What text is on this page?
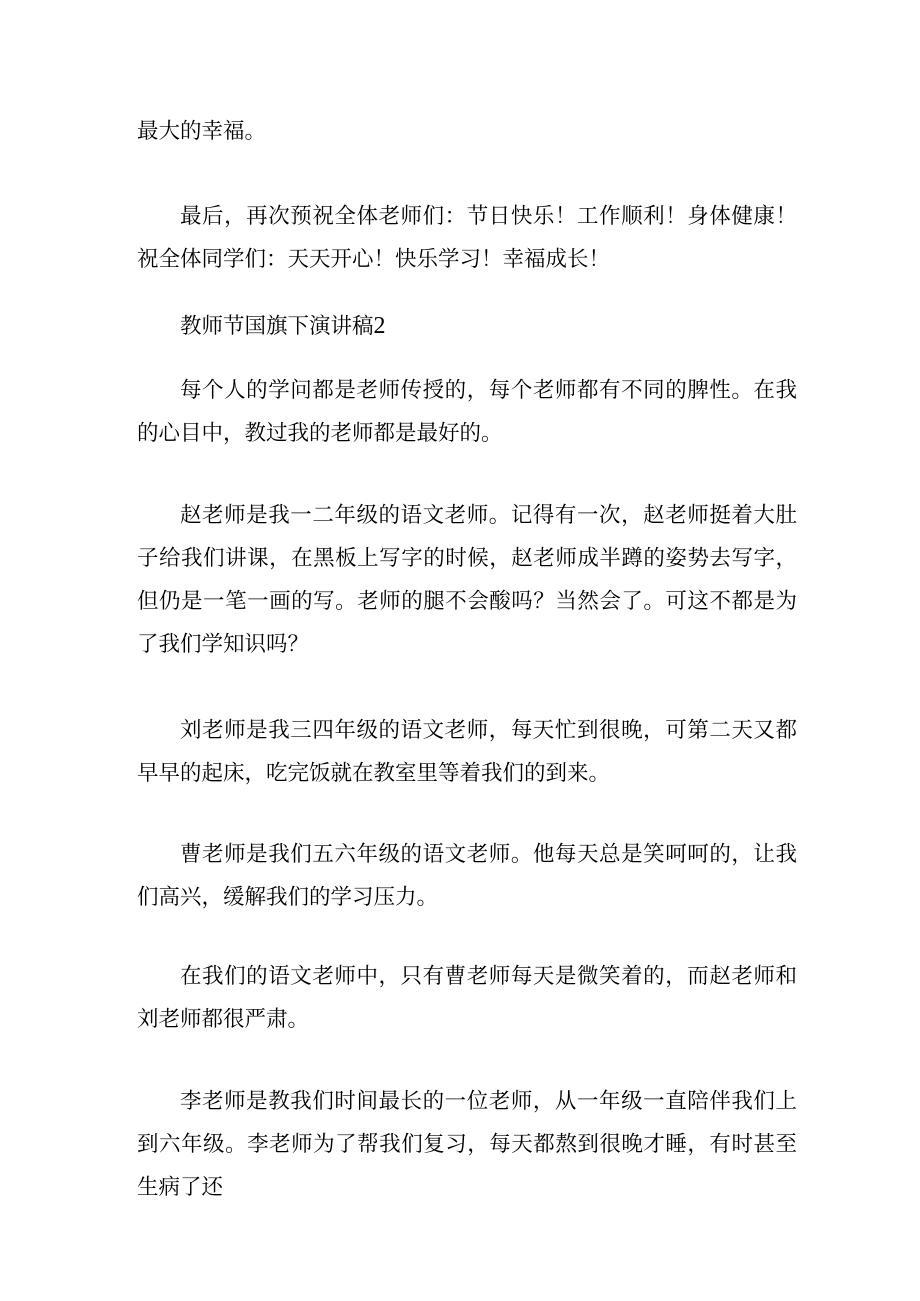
最大的幸福。

最后，再次预祝全体老师们：节日快乐！工作顺利！身体健康！祝全体同学们：天天开心！快乐学习！幸福成长！

教师节国旗下演讲稿2

每个人的学问都是老师传授的，每个老师都有不同的脾性。在我的心目中，教过我的老师都是最好的。

赵老师是我一二年级的语文老师。记得有一次，赵老师挺着大肚子给我们讲课，在黑板上写字的时候，赵老师成半蹲的姿势去写字，但仍是一笔一画的写。老师的腿不会酸吗？当然会了。可这不都是为了我们学知识吗？

刘老师是我三四年级的语文老师，每天忙到很晚，可第二天又都早早的起床，吃完饭就在教室里等着我们的到来。

曹老师是我们五六年级的语文老师。他每天总是笑呵呵的，让我们高兴，缓解我们的学习压力。

在我们的语文老师中，只有曹老师每天是微笑着的，而赵老师和刘老师都很严肃。

李老师是教我们时间最长的一位老师，从一年级一直陪伴我们上到六年级。李老师为了帮我们复习，每天都熬到很晚才睡，有时甚至生病了还
